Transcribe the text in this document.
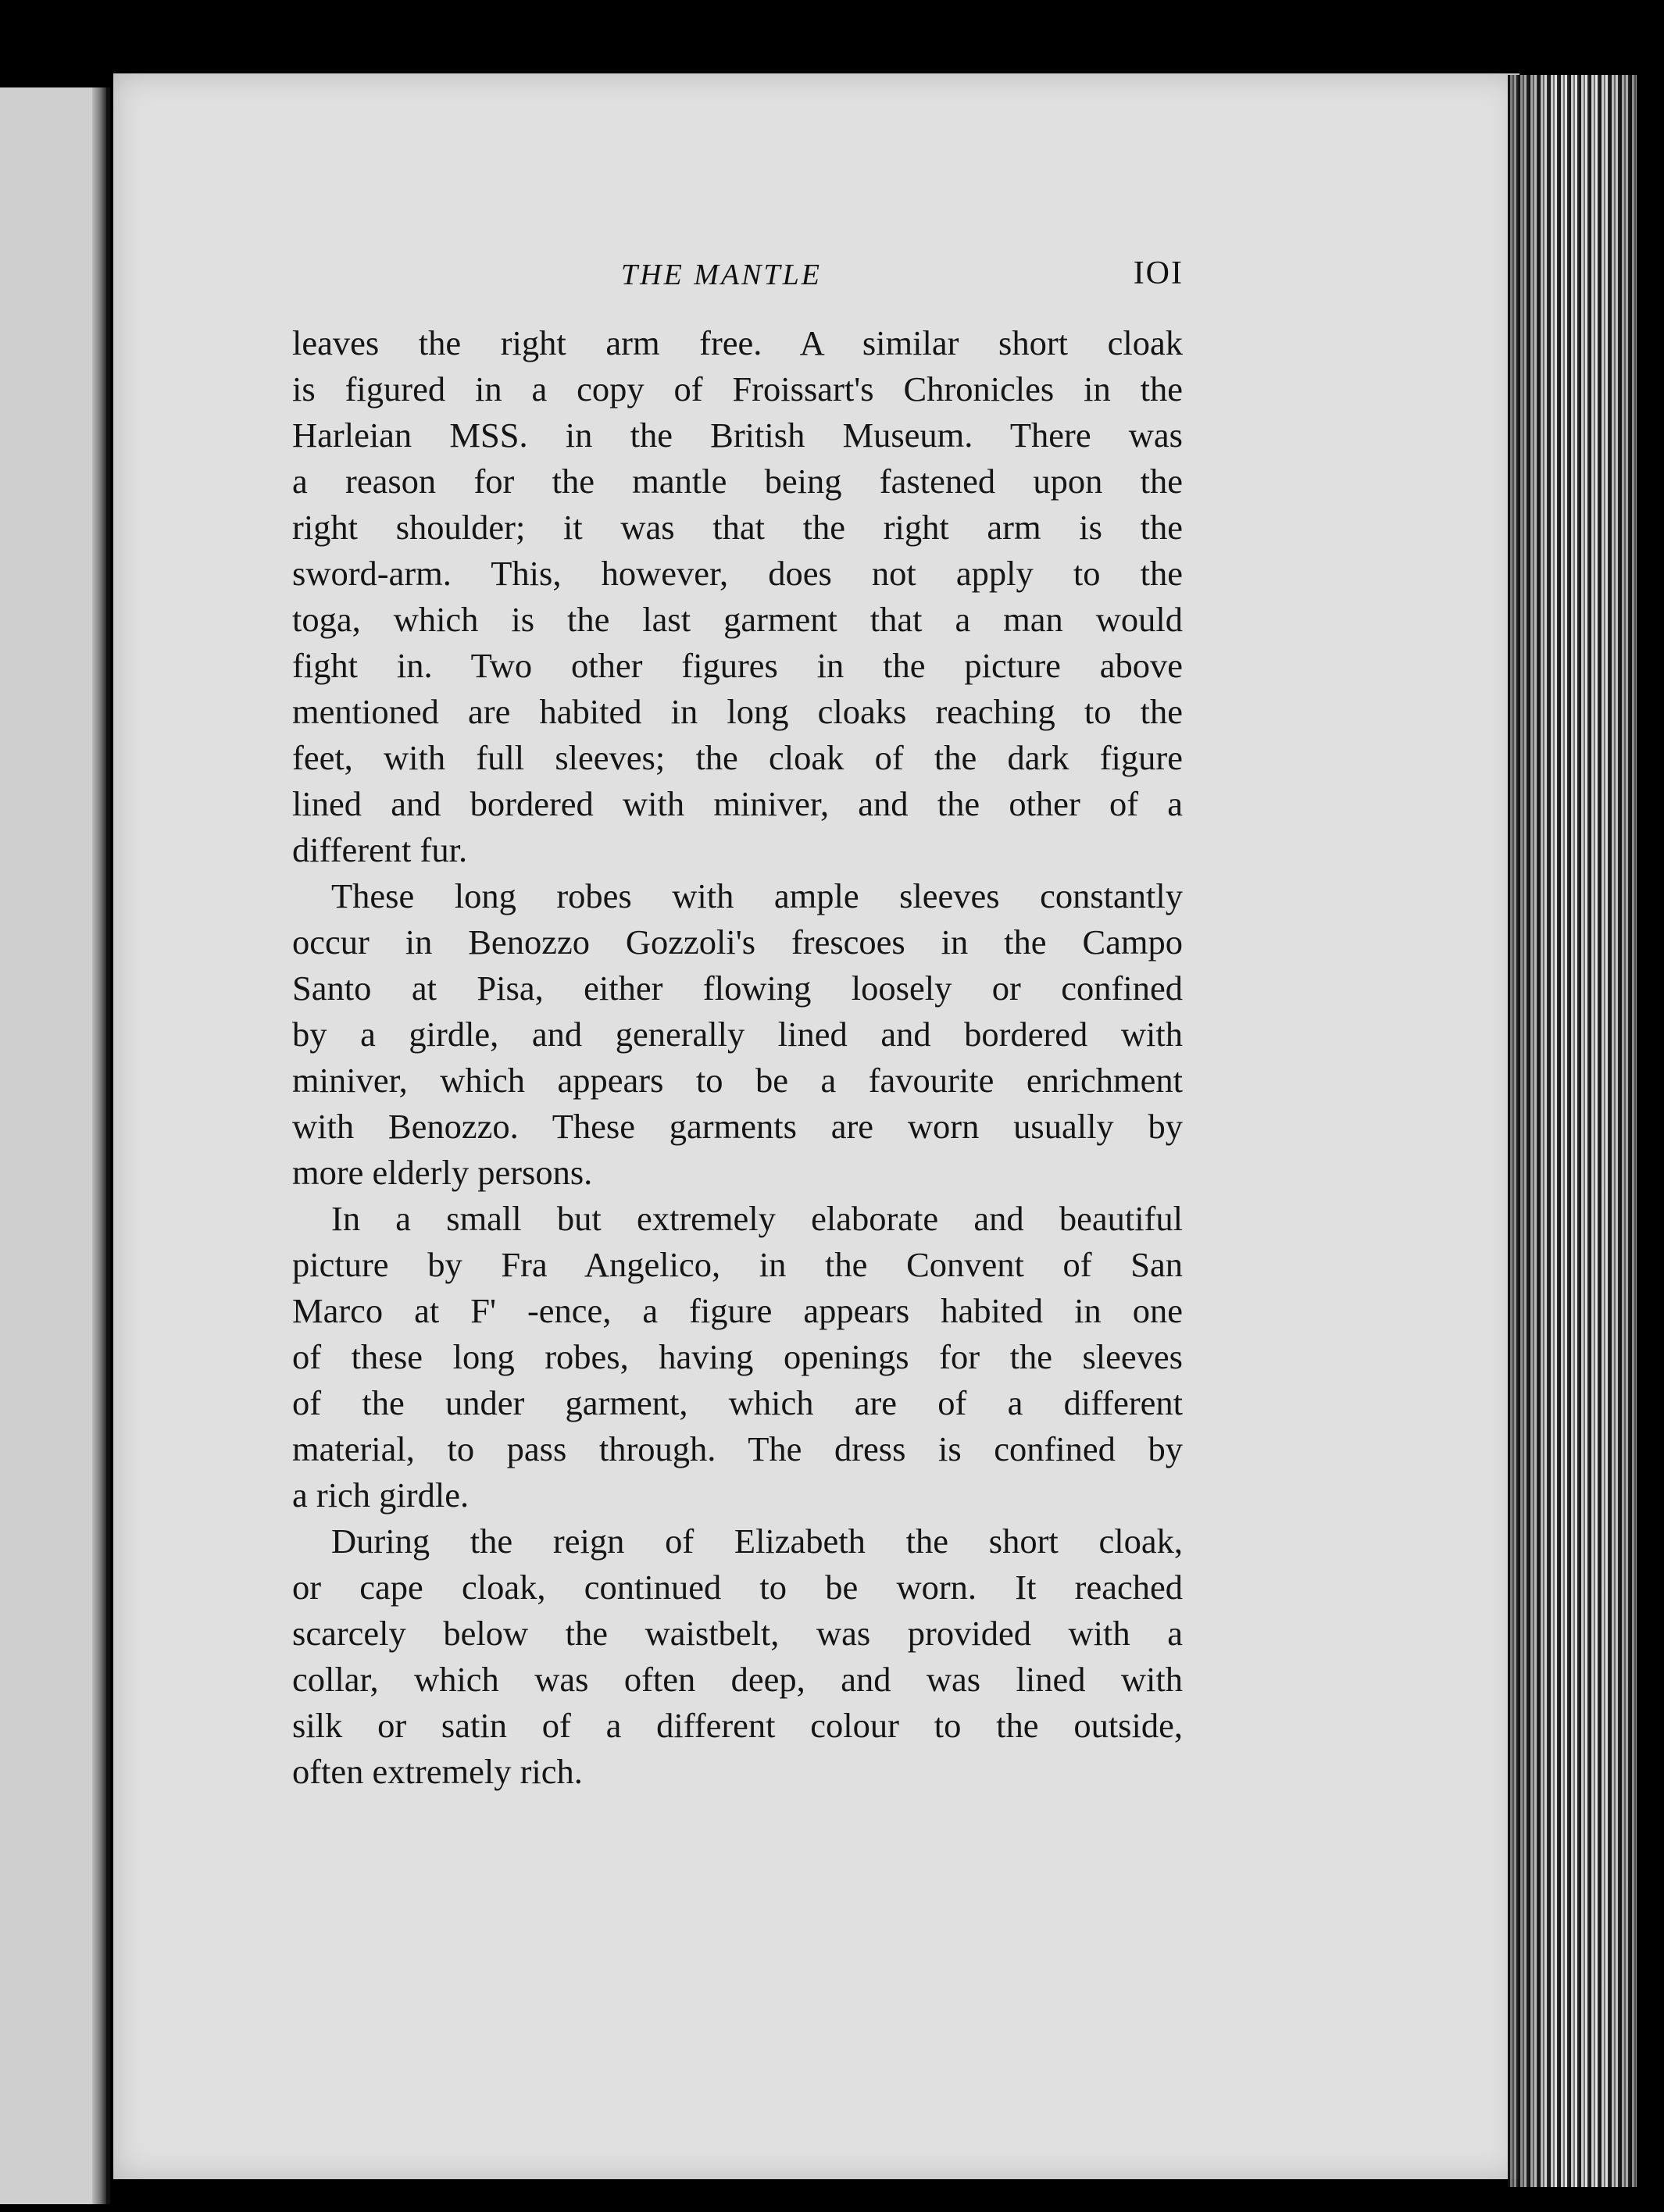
THE MANTLE	IOI
leaves the right arm free. A similar short cloak
is figured in a copy of Froissart's Chronicles in the
Harleian MSS. in the British Museum. There was
a reason for the mantle being fastened upon the
right shoulder; it was that the right arm is the
sword-arm. This, however, does not apply to the
toga, which is the last garment that a man would
fight in. Two other figures in the picture above
mentioned are habited in long cloaks reaching to the
feet, with full sleeves; the cloak of the dark figure
lined and bordered with miniver, and the other of a
different fur.
These long robes with ample sleeves constantly
occur in Benozzo Gozzoli's frescoes in the Campo
Santo at Pisa, either flowing loosely or confined
by a girdle, and generally lined and bordered with
miniver, which appears to be a favourite enrichment
with Benozzo. These garments are worn usually by
more elderly persons.
In a small but extremely elaborate and beautiful
picture by Fra Angelico, in the Convent of San
Marco at F' -ence, a figure appears habited in one
of these long robes, having openings for the sleeves
of the under garment, which are of a different
material, to pass through. The dress is confined by
a rich girdle.
During the reign of Elizabeth the short cloak,
or cape cloak, continued to be worn. It reached
scarcely below the waistbelt, was provided with a
collar, which was often deep, and was lined with
silk or satin of a different colour to the outside,
often extremely rich.
